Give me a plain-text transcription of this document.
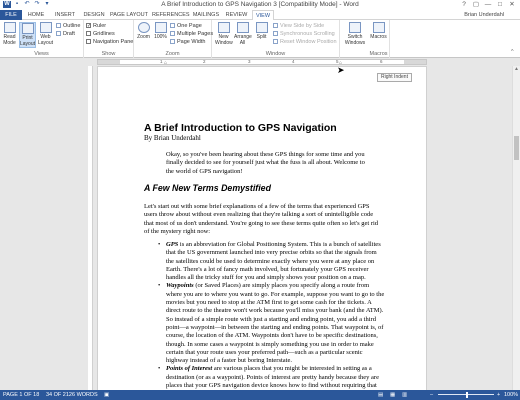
W	▪	↶ ↷ ▾	A Brief Introduction to GPS Navigation 3 [Compatibility Mode] - Word	?	▢ —	□	✕
FILE	HOME	INSERT	DESIGN PAGE LAYOUT REFERENCES MAILINGS	REVIEW	VIEW	Brian Underdahl
Read Mode
Print Layout
Web Layout
Outline
Draft
Views
✓ Ruler
Gridlines
Navigation Pane
Show
Zoom 100%
One Page
Multiple Pages
Page Width
Zoom
New Window
Arrange All
Split
View Side by Side
Synchronous Scrolling
Reset Window Position
Window
Switch Windows
Macros
Macros	^
1	2	3	4	5	6
⌂	⌂
A Brief Introduction to GPS Navigation
By Brian Underdahl
Okay, so you've been hearing about these GPS things for some time and you finally decided to see for yourself just what the fuss is all about. Welcome to the world of GPS navigation!
A Few New Terms Demystified
Let's start out with some brief explanations of a few of the terms that experienced GPS users throw about without even realizing that they're talking a sort of unintelligible code that most of us don't understand. You're going to see these terms quite often so let's get rid of the mystery right now:
• GPS is an abbreviation for Global Positioning System. This is a bunch of satellites that the US government launched into very precise orbits so that the signals from the satellites could be used to determine exactly where you were at any place on Earth. There's a lot of fancy math involved, but fortunately your GPS receiver handles all the tricky stuff for you and simply shows your position on a map.
• Waypoints (or Saved Places) are simply places you specify along a route from where you are to where you want to go. For example, suppose you want to go to the movies but you need to stop at the ATM first to get some cash for the tickets. A direct route to the theatre won't work because you'll miss your bank (and the ATM). So instead of a simple route with just a starting and ending point, you add a third point—a waypoint—in between the starting and ending points. That waypoint is, of course, the location of the ATM. Waypoints don't have to be specific destinations, though. In some cases a waypoint is simply something you use in order to make certain that your route uses your preferred path—such as a particular scenic highway instead of a faster but boring Interstate.
• Points of Interest are various places that you might be interested in setting as a destination (or as a waypoint). Points of interest are pretty handy because they are places that your GPS navigation device knows how to find without requiring that
Right Indent
➤	▲
PAGE 1 OF 18 34 OF 2126 WORDS ▣	▤ ▦ ▥	–	+ 100%
